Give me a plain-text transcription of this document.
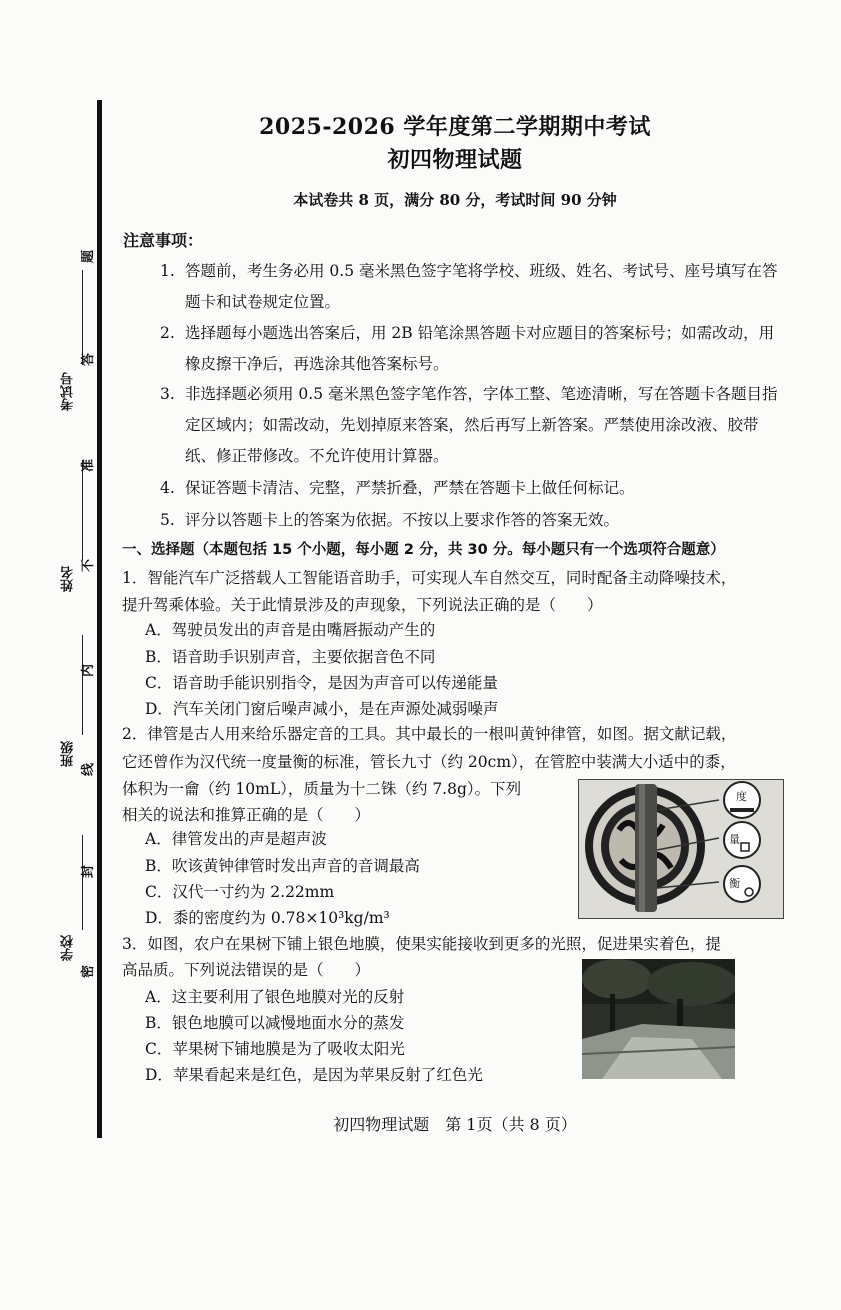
考试号
姓名
班级
学校
题
答
准
不
内
线
封
密
2025-2026 学年度第二学期期中考试
初四物理试题
本试卷共 8 页，满分 80 分，考试时间 90 分钟
注意事项：
1. 答题前，考生务必用 0.5 毫米黑色签字笔将学校、班级、姓名、考试号、座号填写在答题卡和试卷规定位置。
2. 选择题每小题选出答案后，用 2B 铅笔涂黑答题卡对应题目的答案标号；如需改动，用橡皮擦干净后，再选涂其他答案标号。
3. 非选择题必须用 0.5 毫米黑色签字笔作答，字体工整、笔迹清晰，写在答题卡各题目指定区域内；如需改动，先划掉原来答案，然后再写上新答案。严禁使用涂改液、胶带纸、修正带修改。不允许使用计算器。
4. 保证答题卡清洁、完整，严禁折叠，严禁在答题卡上做任何标记。
5. 评分以答题卡上的答案为依据。不按以上要求作答的答案无效。
一、选择题（本题包括 15 个小题，每小题 2 分，共 30 分。每小题只有一个选项符合题意）
1．智能汽车广泛搭载人工智能语音助手，可实现人车自然交互，同时配备主动降噪技术，
提升驾乘体验。关于此情景涉及的声现象，下列说法正确的是（　　）
A．驾驶员发出的声音是由嘴唇振动产生的
B．语音助手识别声音，主要依据音色不同
C．语音助手能识别指令，是因为声音可以传递能量
D．汽车关闭门窗后噪声减小，是在声源处减弱噪声
2．律管是古人用来给乐器定音的工具。其中最长的一根叫黄钟律管，如图。据文献记载，
它还曾作为汉代统一度量衡的标准，管长九寸（约 20cm），在管腔中装满大小适中的黍，
体积为一龠（约 10mL），质量为十二铢（约 7.8g）。下列
相关的说法和推算正确的是（　　）
A．律管发出的声是超声波
B．吹该黄钟律管时发出声音的音调最高
C．汉代一寸约为 2.22mm
D．黍的密度约为 0.78×10³kg/m³
度
量
衡
3．如图，农户在果树下铺上银色地膜，使果实能接收到更多的光照，促进果实着色，提
高品质。下列说法错误的是（　　）
A．这主要利用了银色地膜对光的反射
B．银色地膜可以减慢地面水分的蒸发
C．苹果树下铺地膜是为了吸收太阳光
D．苹果看起来是红色，是因为苹果反射了红色光
初四物理试题　第 1页（共 8 页）
